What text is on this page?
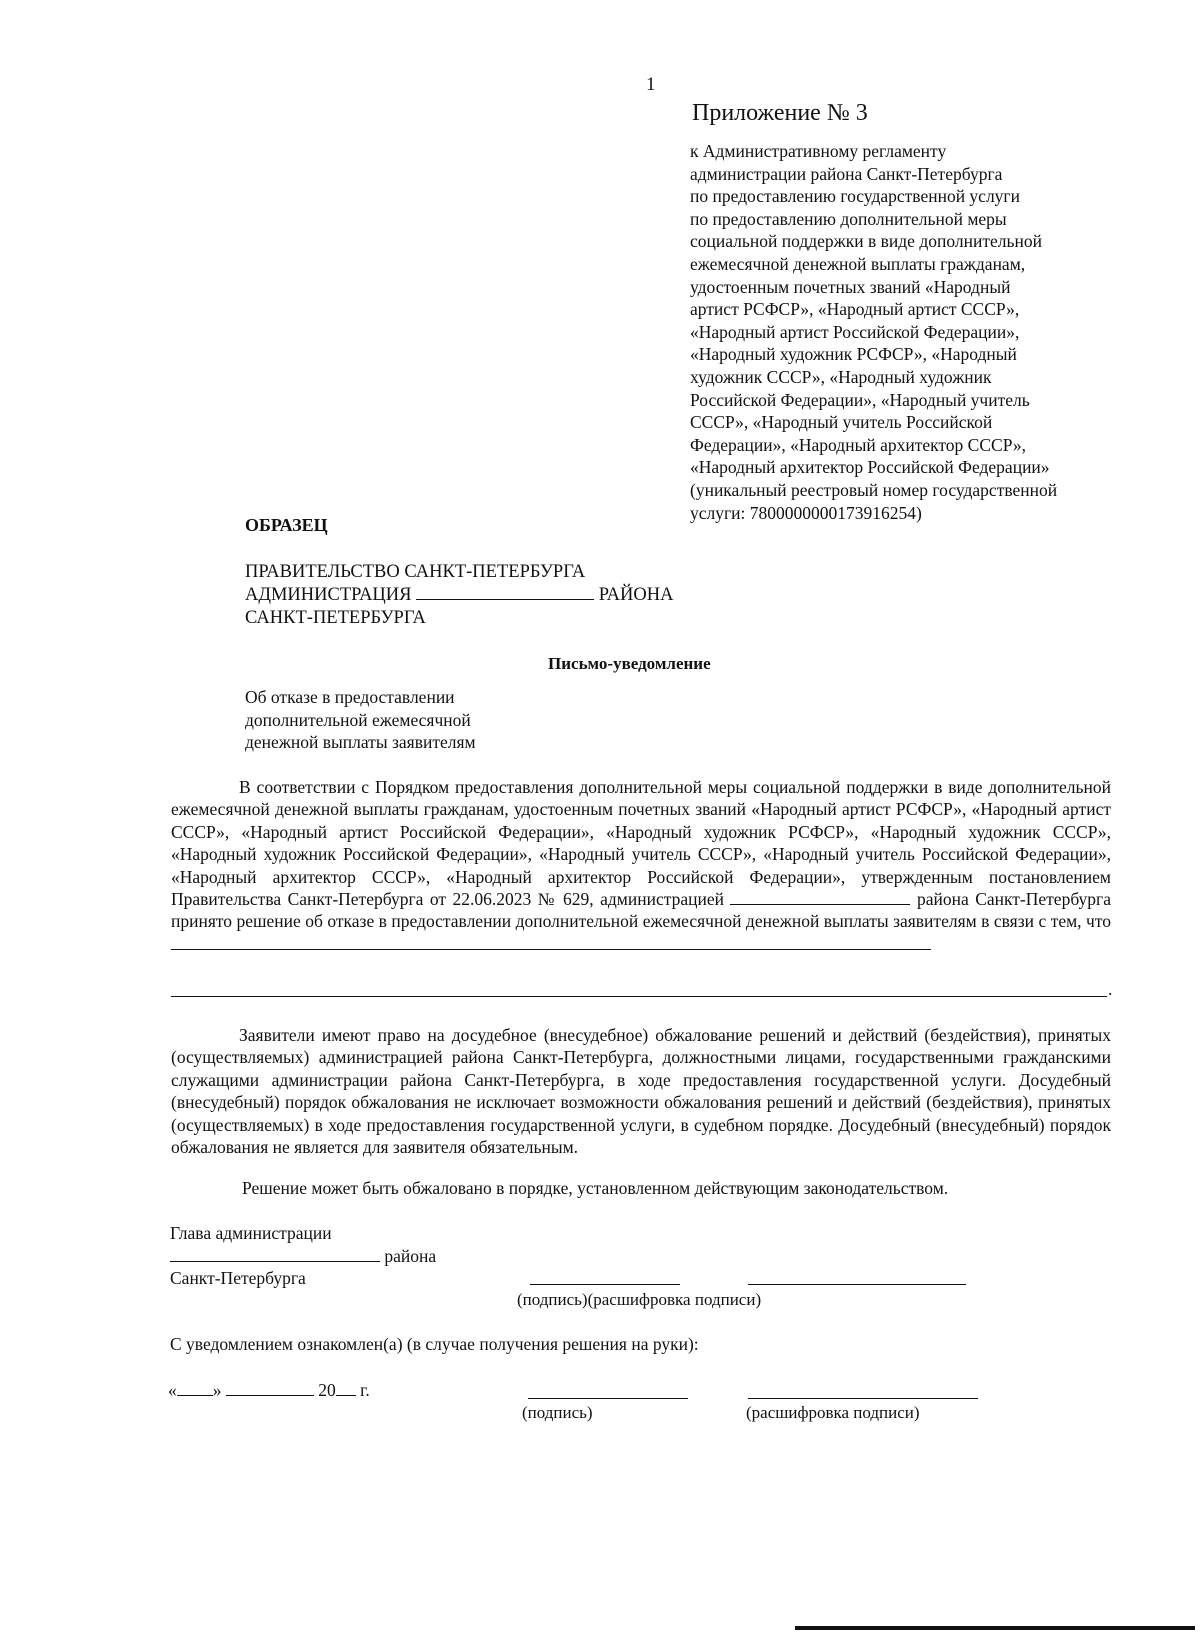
1
Приложение № 3
к Административному регламенту
администрации района Санкт-Петербурга
по предоставлению государственной услуги
по предоставлению дополнительной меры
социальной поддержки в виде дополнительной
ежемесячной денежной выплаты гражданам,
удостоенным почетных званий «Народный
артист РСФСР», «Народный артист СССР»,
«Народный артист Российской Федерации»,
«Народный художник РСФСР», «Народный
художник СССР», «Народный художник
Российской Федерации», «Народный учитель
СССР», «Народный учитель Российской
Федерации», «Народный архитектор СССР»,
«Народный архитектор Российской Федерации»
(уникальный реестровый номер государственной
услуги: 7800000000173916254)
ОБРАЗЕЦ
ПРАВИТЕЛЬСТВО САНКТ-ПЕТЕРБУРГА
АДМИНИСТРАЦИЯ	РАЙОНА
САНКТ-ПЕТЕРБУРГА
Письмо-уведомление
Об отказе в предоставлении
дополнительной ежемесячной
денежной выплаты заявителям
В соответствии с Порядком предоставления дополнительной меры социальной поддержки в виде дополнительной ежемесячной денежной выплаты гражданам, удостоенным почетных званий «Народный артист РСФСР», «Народный артист СССР», «Народный артист Российской Федерации», «Народный художник РСФСР», «Народный художник СССР», «Народный художник Российской Федерации», «Народный учитель СССР», «Народный учитель Российской Федерации», «Народный архитектор СССР», «Народный архитектор Российской Федерации», утвержденным постановлением Правительства Санкт-Петербурга от 22.06.2023 № 629, администрацией	района Санкт-Петербурга принято решение об отказе в предоставлении дополнительной ежемесячной денежной выплаты заявителям в связи с тем, что
.
Заявители имеют право на досудебное (внесудебное) обжалование решений и действий (бездействия), принятых (осуществляемых) администрацией района Санкт-Петербурга, должностными лицами, государственными гражданскими служащими администрации района Санкт-Петербурга, в ходе предоставления государственной услуги. Досудебный (внесудебный) порядок обжалования не исключает возможности обжалования решений и действий (бездействия), принятых (осуществляемых) в ходе предоставления государственной услуги, в судебном порядке. Досудебный (внесудебный) порядок обжалования не является для заявителя обязательным.
Решение может быть обжаловано в порядке, установленном действующим законодательством.
Глава администрации
района
Санкт-Петербурга
(подпись)(расшифровка подписи)
С уведомлением ознакомлен(а) (в случае получения решения на руки):
« »	20 г.
(подпись)	(расшифровка подписи)
